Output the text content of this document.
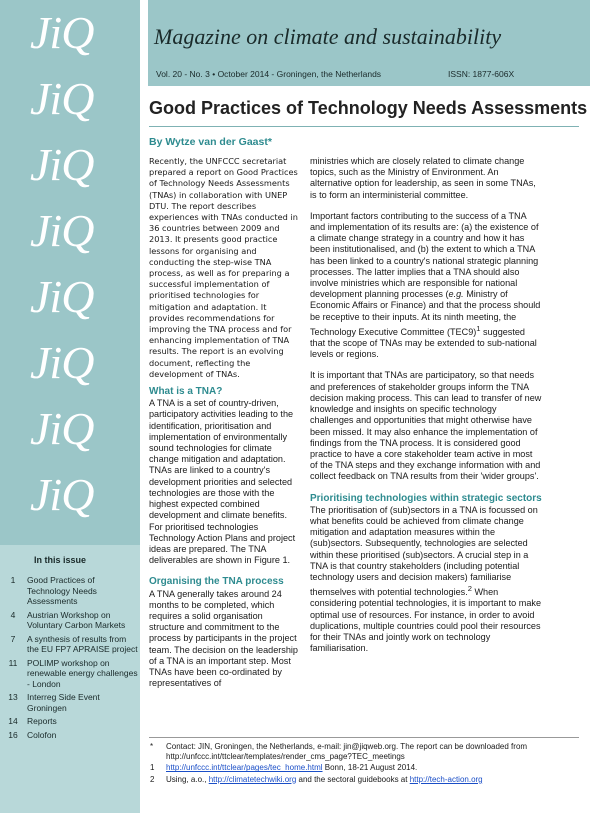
JiQ
JiQ
JiQ
JiQ
JiQ
JiQ
JiQ
JiQ
In this issue
1	Good Practices of Technology Needs Assessments
4	Austrian Workshop on Voluntary Carbon Markets
7	A synthesis of results from the EU FP7 APRAISE project
11	POLIMP workshop on renewable energy challenges - London
13	Interreg Side Event Groningen
14	Reports
16	Colofon
Magazine on climate and sustainability
Vol. 20 - No. 3 • October 2014 - Groningen, the Netherlands	ISSN: 1877-606X
Good Practices of Technology Needs Assessments
By Wytze van der Gaast*

Recently, the UNFCCC secretariat prepared a report on Good Practices of Technology Needs Assessments (TNAs) in collaboration with UNEP DTU. The report describes experiences with TNAs conducted in 36 countries between 2009 and 2013. It presents good practice lessons for organising and conducting the step-wise TNA process, as well as for preparing a successful implementation of prioritised technologies for mitigation and adaptation. It provides recommendations for improving the TNA process and for enhancing implementation of TNA results. The report is an evolving document, reflecting the development of TNAs.

What is a TNA?

A TNA is a set of country-driven, participatory activities leading to the identification, prioritisation and implementation of environmentally sound technologies for climate change mitigation and adaptation. TNAs are linked to a country's development priorities and selected technologies are those with the highest expected combined development and climate benefits. For prioritised technologies Technology Action Plans and project ideas are prepared. The TNA deliverables are shown in Figure 1.

Organising the TNA process

A TNA generally takes around 24 months to be completed, which requires a solid organisation structure and commitment to the process by participants in the project team. The decision on the leadership of a TNA is an important step. Most TNAs have been co-ordinated by representatives of

ministries which are closely related to climate change topics, such as the Ministry of Environment. An alternative option for leadership, as seen in some TNAs, is to form an interministerial committee.

Important factors contributing to the success of a TNA and implementation of its results are: (a) the existence of a climate change strategy in a country and how it has been institutionalised, and (b) the extent to which a TNA has been linked to a country's national strategic planning processes. The latter implies that a TNA should also involve ministries which are responsible for national development planning processes (e.g. Ministry of Economic Affairs or Finance) and that the process should be receptive to their inputs. At its ninth meeting, the Technology Executive Committee $(TEC9)^1$ suggested that the scope of TNAs may be extended to sub-national levels or regions.

It is important that TNAs are participatory, so that needs and preferences of stakeholder groups inform the TNA decision making process. This can lead to transfer of new knowledge and insights on specific technology challenges and opportunities that might otherwise have been missed. It may also enhance the implementation of findings from the TNA process. It is considered good practice to have a core stakeholder team active in most of the TNA steps and they exchange information with and collect feedback on TNA results from their 'wider groups'.

Prioritising technologies within strategic sectors

The prioritisation of (sub)sectors in a TNA is focussed on what benefits could be achieved from climate change mitigation and adaptation measures within the (sub)sectors. Subsequently, technologies are selected within these prioritised (sub)sectors. A crucial step in a TNA is that country stakeholders (including potential technology users and decision makers) familiarise themselves with potential technologies.$^2$ When considering potential technologies, it is important to make optimal use of resources. For instance, in order to avoid duplications, multiple countries could pool their resources for their TNAs and jointly work on technology familiarisation.

* Contact: JIN, Groningen, the Netherlands, e-mail: jin@jiqweb.org. The report can be downloaded from http://unfccc.int/ttclear/templates/render_cms_page?TEC_meetings
1 http://unfccc.int/ttclear/pages/tec_home.html Bonn, 18-21 August 2014.
2 Using, a.o., http://climatetechwiki.org and the sectoral guidebooks at http://tech-action.org
